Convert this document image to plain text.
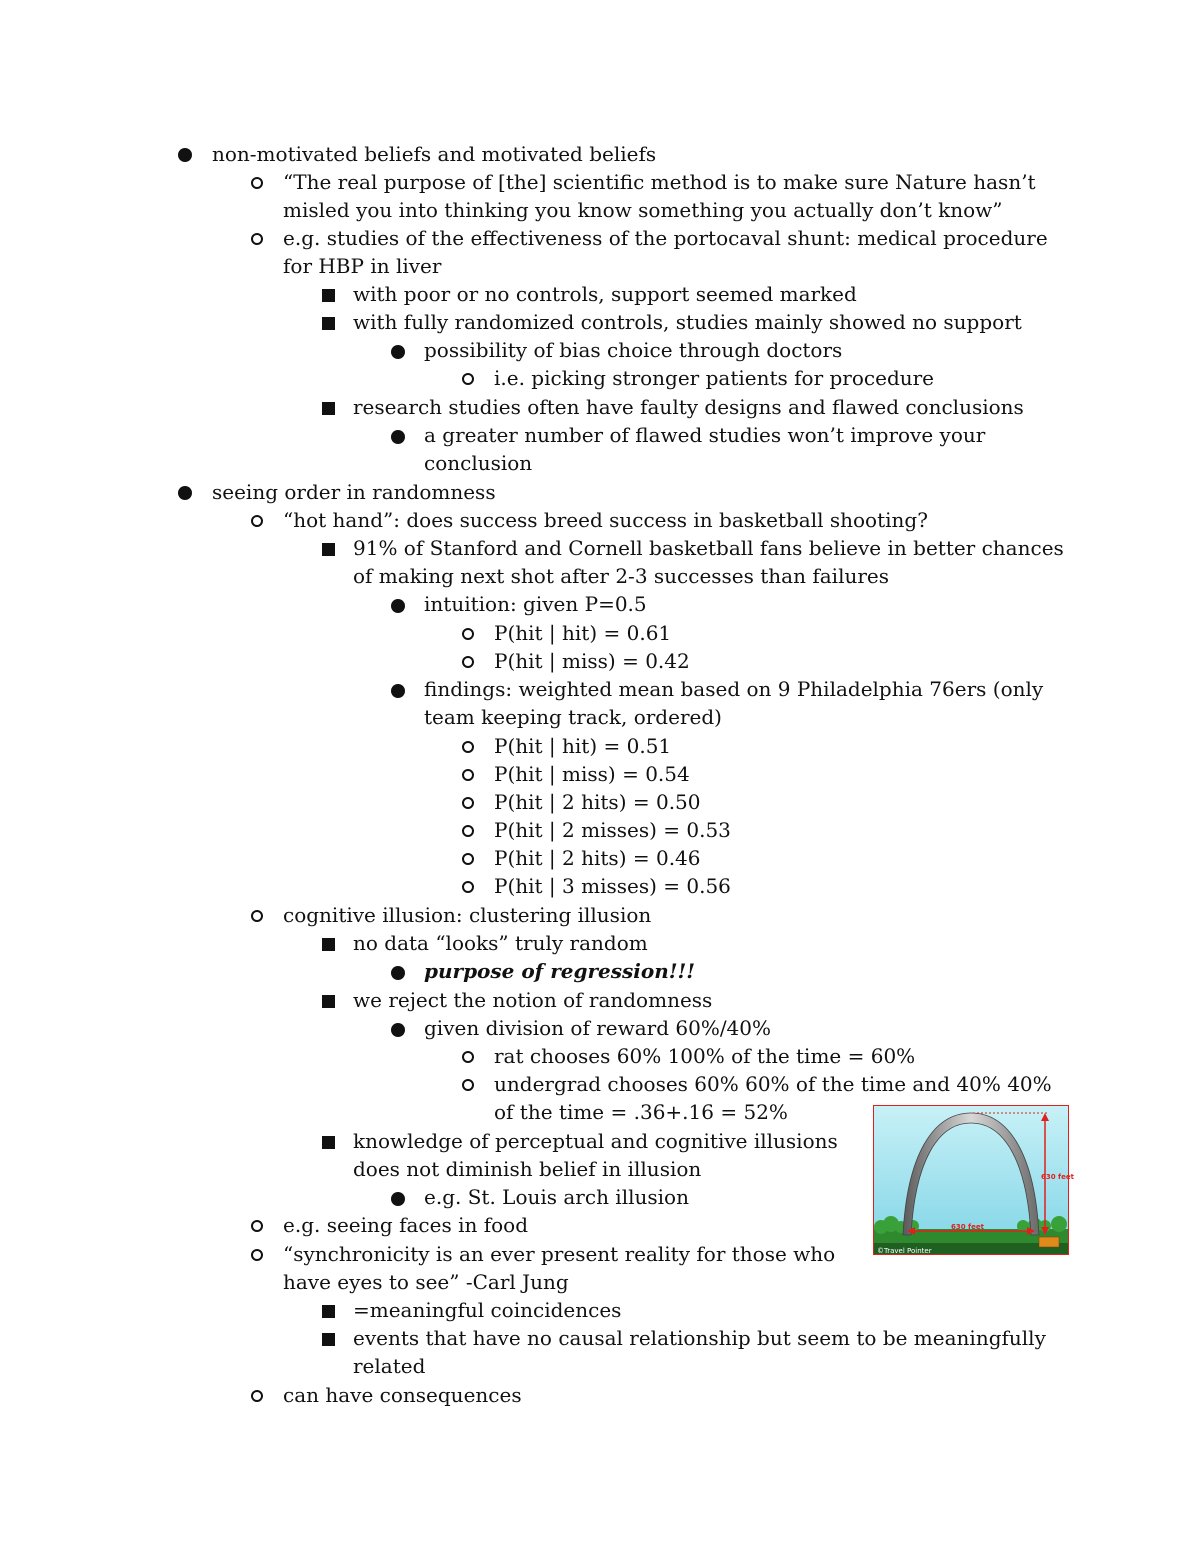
non-motivated beliefs and motivated beliefs
“The real purpose of [the] scientific method is to make sure Nature hasn’t
misled you into thinking you know something you actually don’t know”
e.g. studies of the effectiveness of the portocaval shunt: medical procedure
for HBP in liver
with poor or no controls, support seemed marked
with fully randomized controls, studies mainly showed no support
possibility of bias choice through doctors
i.e. picking stronger patients for procedure
research studies often have faulty designs and flawed conclusions
a greater number of flawed studies won’t improve your
conclusion
seeing order in randomness
“hot hand”: does success breed success in basketball shooting?
91% of Stanford and Cornell basketball fans believe in better chances
of making next shot after 2-3 successes than failures
intuition: given P=0.5
P(hit | hit) = 0.61
P(hit | miss) = 0.42
findings: weighted mean based on 9 Philadelphia 76ers (only
team keeping track, ordered)
P(hit | hit) = 0.51
P(hit | miss) = 0.54
P(hit | 2 hits) = 0.50
P(hit | 2 misses) = 0.53
P(hit | 2 hits) = 0.46
P(hit | 3 misses) = 0.56
cognitive illusion: clustering illusion
no data “looks” truly random
purpose of regression!!!
we reject the notion of randomness
given division of reward 60%/40%
rat chooses 60% 100% of the time = 60%
undergrad chooses 60% 60% of the time and 40% 40%
of the time = .36+.16 = 52%
knowledge of perceptual and cognitive illusions
does not diminish belief in illusion
e.g. St. Louis arch illusion
e.g. seeing faces in food
“synchronicity is an ever present reality for those who
have eyes to see” -Carl Jung
=meaningful coincidences
events that have no causal relationship but seem to be meaningfully
related
can have consequences
630 feet
630 feet
©Travel Pointer
